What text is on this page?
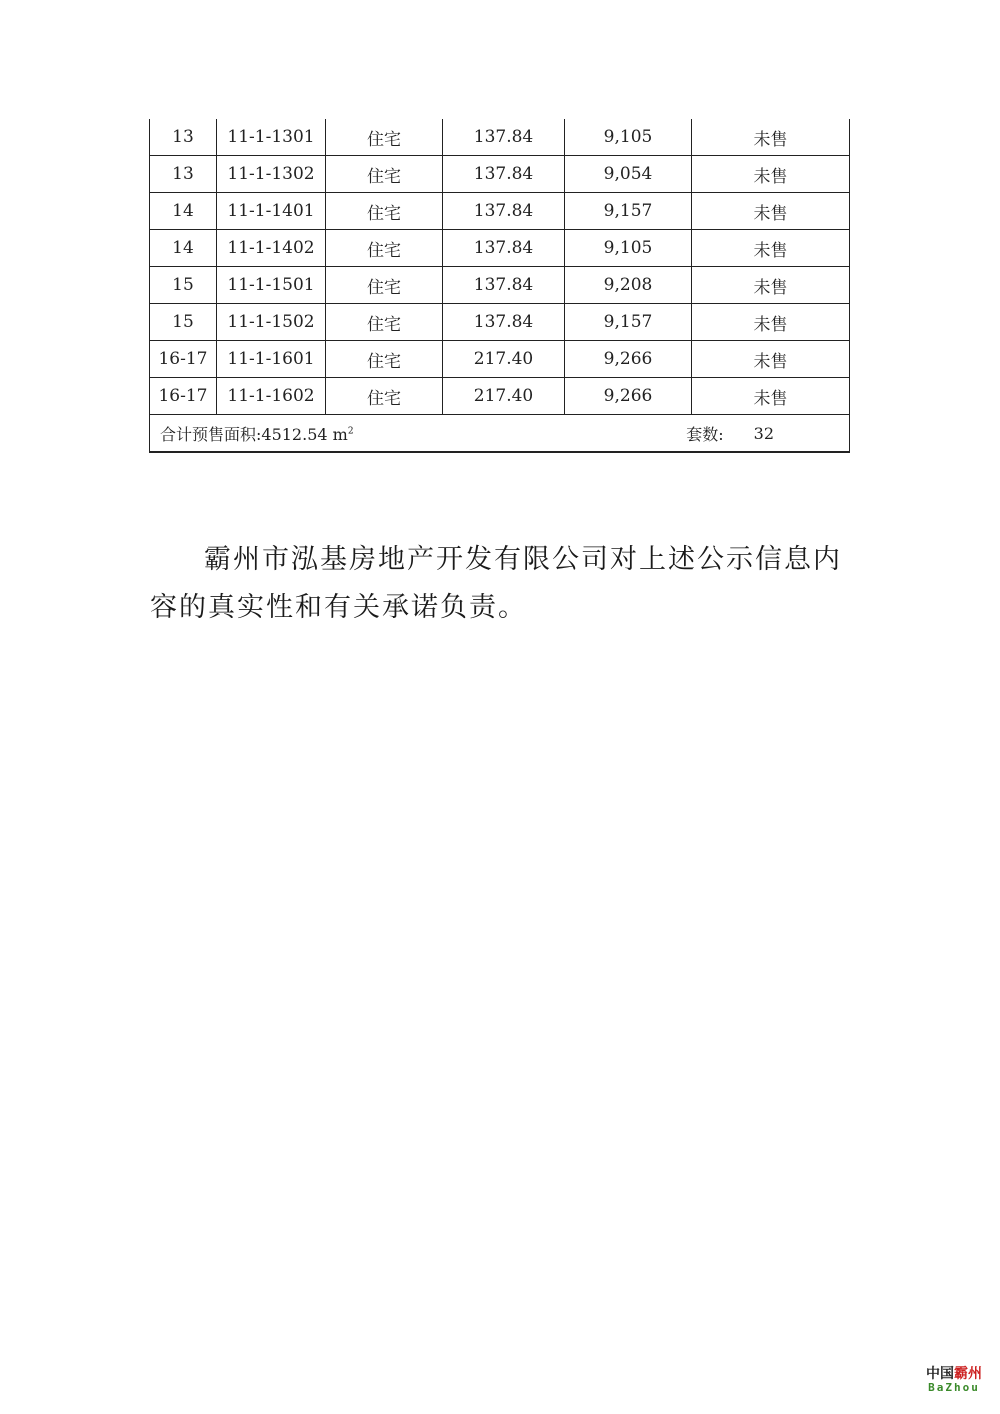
13	11-1-1301	住宅	137.84	9,105	未售
13	11-1-1302	住宅	137.84	9,054	未售
14	11-1-1401	住宅	137.84	9,157	未售
14	11-1-1402	住宅	137.84	9,105	未售
15	11-1-1501	住宅	137.84	9,208	未售
15	11-1-1502	住宅	137.84	9,157	未售
16-17	11-1-1601	住宅	217.40	9,266	未售
16-17	11-1-1602	住宅	217.40	9,266	未售

合计预售面积:4512.54 $m^2$ 套数: 32					

霸州市泓基房地产开发有限公司对上述公示信息内容的真实性和有关承诺负责。

中国霸州
BaZhou
